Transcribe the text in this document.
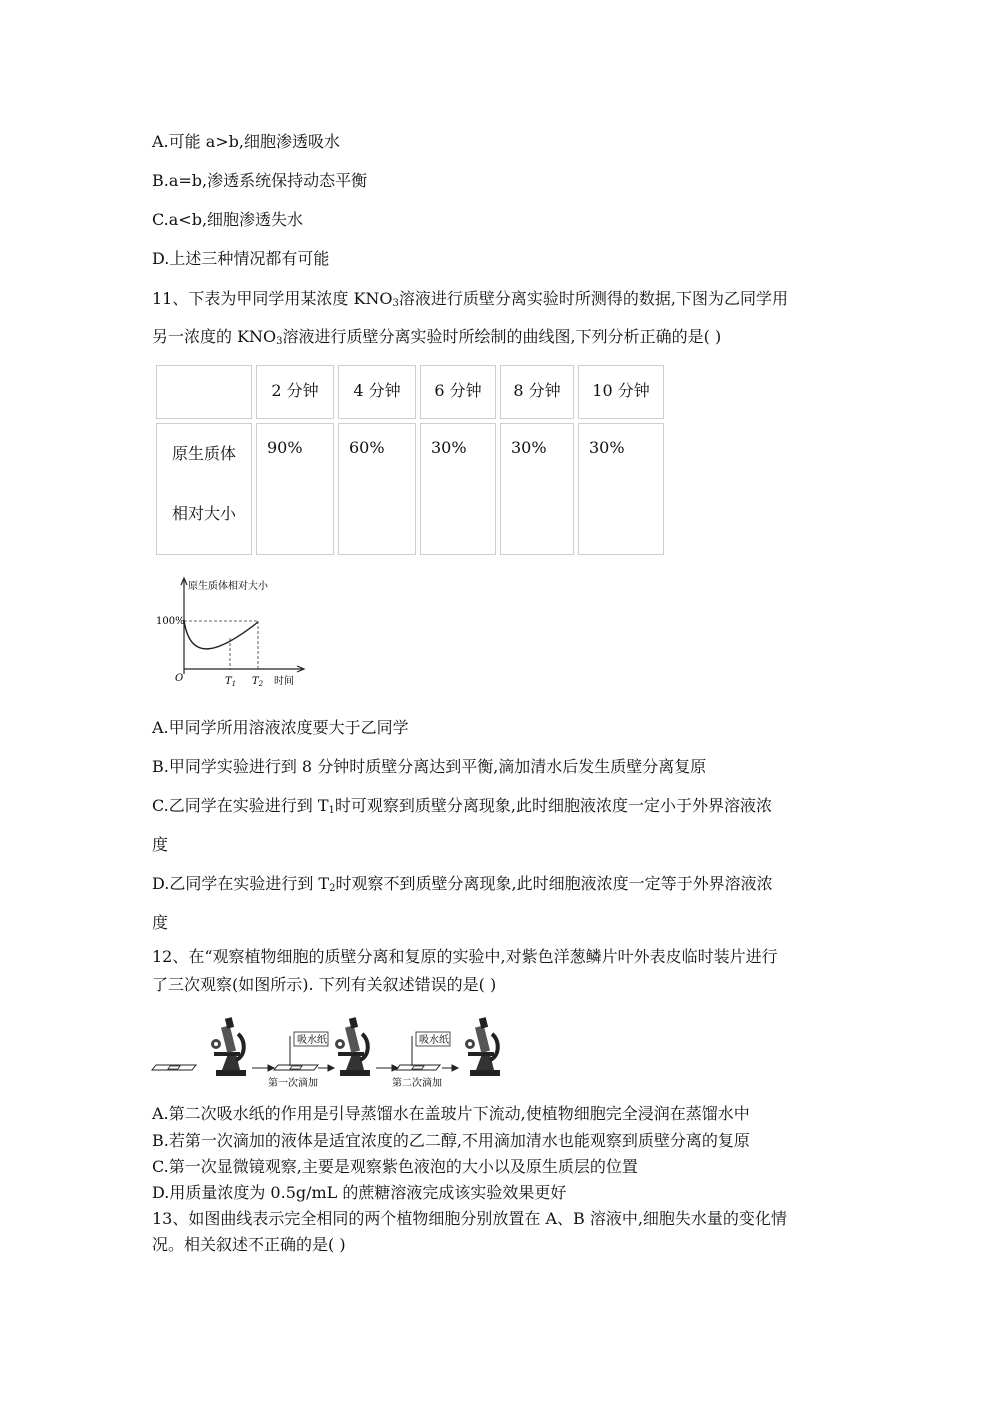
A.可能 a>b,细胞渗透吸水
B.a=b,渗透系统保持动态平衡
C.a<b,细胞渗透失水
D.上述三种情况都有可能
11、下表为甲同学用某浓度 $KNO_3$溶液进行质壁分离实验时所测得的数据,下图为乙同学用
另一浓度的 $KNO_3$溶液进行质壁分离实验时所绘制的曲线图,下列分析正确的是( )
	2 分钟	4 分钟	6 分钟	8 分钟	10 分钟

原生质体
相对大小	90%	60%	30%	30%	30%
原生质体相对大小
100%
O	$T_1$ $T_2$ 时间
A.甲同学所用溶液浓度要大于乙同学
B.甲同学实验进行到 8 分钟时质壁分离达到平衡,滴加清水后发生质壁分离复原
C.乙同学在实验进行到 $T_1$时可观察到质壁分离现象,此时细胞液浓度一定小于外界溶液浓
度
D.乙同学在实验进行到 $T_2$时观察不到质壁分离现象,此时细胞液浓度一定等于外界溶液浓
度
12、在“观察植物细胞的质壁分离和复原的实验中,对紫色洋葱鳞片叶外表皮临时装片进行
了三次观察(如图所示). 下列有关叙述错误的是( )
吸水纸
第一次滴加
吸水纸
第二次滴加
A.第二次吸水纸的作用是引导蒸馏水在盖玻片下流动,使植物细胞完全浸润在蒸馏水中
B.若第一次滴加的液体是适宜浓度的乙二醇,不用滴加清水也能观察到质壁分离的复原
C.第一次显微镜观察,主要是观察紫色液泡的大小以及原生质层的位置
D.用质量浓度为 0.5g/mL 的蔗糖溶液完成该实验效果更好
13、如图曲线表示完全相同的两个植物细胞分别放置在 A、B 溶液中,细胞失水量的变化情
况。相关叙述不正确的是( )
